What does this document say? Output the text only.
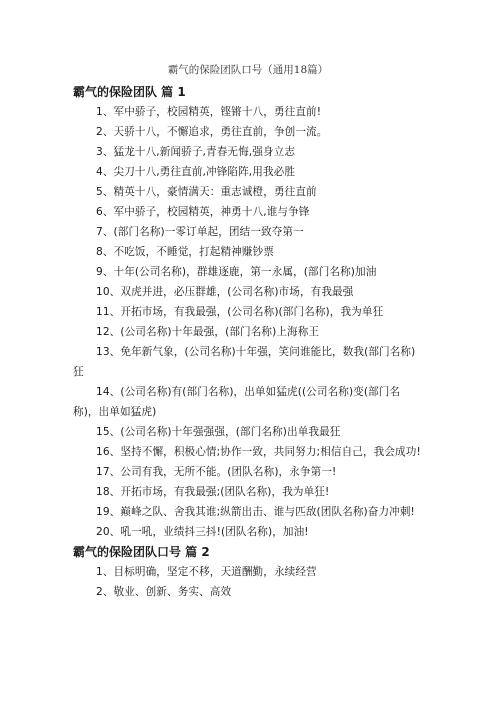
霸气的保险团队口号（通用18篇）
霸气的保险团队 篇 1

1、军中骄子，校园精英，铿锵十八，勇往直前!

2、天骄十八，不懈追求，勇往直前，争创一流。

3、猛龙十八,新闻骄子,青春无悔,强身立志

4、尖刀十八,勇往直前,冲锋陷阵,用我必胜

5、精英十八，豪情满天：重志诚橙，勇往直前

6、军中骄子，校园精英，神勇十八,谁与争锋

7、(部门名称)一零订单起，团结一致夺第一

8、不吃饭，不睡觉，打起精神赚钞票

9、十年(公司名称)，群雄逐鹿，第一永属，(部门名称)加油

10、双虎并进，必压群雄，(公司名称)市场，有我最强

11、开拓市场，有我最强，(公司名称)(部门名称)，我为单狂

12、(公司名称)十年最强，(部门名称)上海称王

13、免年新气象，(公司名称)十年强，笑问谁能比，数我(部门名称)狂

14、(公司名称)有(部门名称)，出单如猛虎((公司名称)变(部门名称)，出单如猛虎)

15、(公司名称)十年强强强，(部门名称)出单我最狂

16、坚持不懈，积极心情;协作一致，共同努力;相信自己，我会成功!

17、公司有我，无所不能。(团队名称)，永争第一!

18、开拓市场，有我最强;(团队名称)，我为单狂!

19、巅峰之队、舍我其谁;纵箭出击、谁与匹敌(团队名称)奋力冲刺!

20、吼一吼，业绩抖三抖!(团队名称)，加油!

霸气的保险团队口号 篇 2

1、目标明确，坚定不移，天道酬勤，永续经营

2、敬业、创新、务实、高效
